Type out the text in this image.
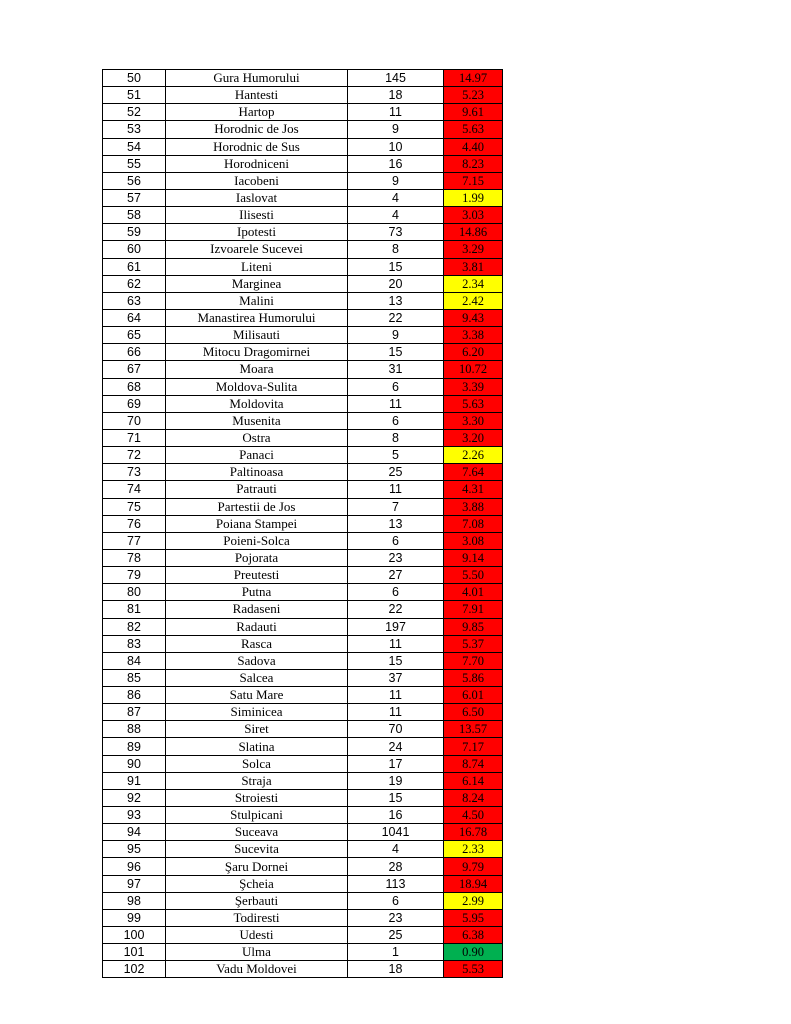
50	Gura Humorului	145	14.97
51	Hantesti	18	5.23
52	Hartop	11	9.61
53	Horodnic de Jos	9	5.63
54	Horodnic de Sus	10	4.40
55	Horodniceni	16	8.23
56	Iacobeni	9	7.15
57	Iaslovat	4	1.99
58	Ilisesti	4	3.03
59	Ipotesti	73	14.86
60	Izvoarele Sucevei	8	3.29
61	Liteni	15	3.81
62	Marginea	20	2.34
63	Malini	13	2.42
64	Manastirea Humorului	22	9.43
65	Milisauti	9	3.38
66	Mitocu Dragomirnei	15	6.20
67	Moara	31	10.72
68	Moldova-Sulita	6	3.39
69	Moldovita	11	5.63
70	Musenita	6	3.30
71	Ostra	8	3.20
72	Panaci	5	2.26
73	Paltinoasa	25	7.64
74	Patrauti	11	4.31
75	Partestii de Jos	7	3.88
76	Poiana Stampei	13	7.08
77	Poieni-Solca	6	3.08
78	Pojorata	23	9.14
79	Preutesti	27	5.50
80	Putna	6	4.01
81	Radaseni	22	7.91
82	Radauti	197	9.85
83	Rasca	11	5.37
84	Sadova	15	7.70
85	Salcea	37	5.86
86	Satu Mare	11	6.01
87	Siminicea	11	6.50
88	Siret	70	13.57
89	Slatina	24	7.17
90	Solca	17	8.74
91	Straja	19	6.14
92	Stroiesti	15	8.24
93	Stulpicani	16	4.50
94	Suceava	1041	16.78
95	Sucevita	4	2.33
96	Şaru Dornei	28	9.79
97	Şcheia	113	18.94
98	Şerbauti	6	2.99
99	Todiresti	23	5.95
100	Udesti	25	6.38
101	Ulma	1	0.90
102	Vadu Moldovei	18	5.53
